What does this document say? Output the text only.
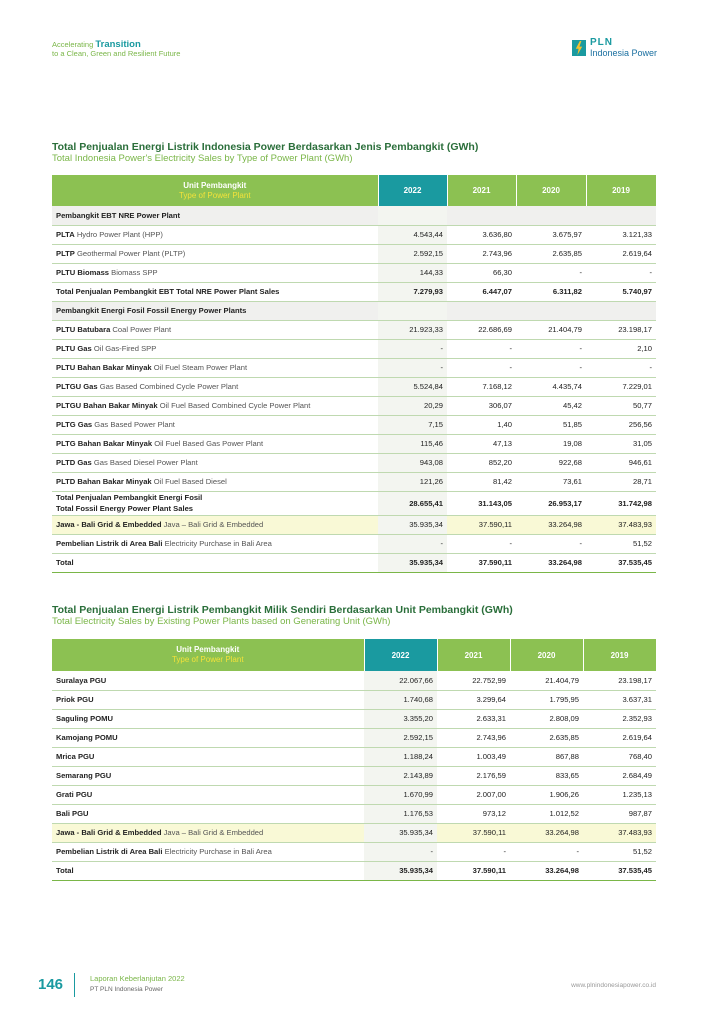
Accelerating Transition
to a Clean, Green and Resilient Future
PLN
Indonesia Power
Total Penjualan Energi Listrik Indonesia Power Berdasarkan Jenis Pembangkit (GWh)
Total Indonesia Power's Electricity Sales by Type of Power Plant (GWh)
Unit Pembangkit
Type of Power Plant	2022	2021	2020	2019
Pembangkit EBT NRE Power Plant				
PLTA Hydro Power Plant (HPP)	4.543,44	3.636,80	3.675,97	3.121,33
PLTP Geothermal Power Plant (PLTP)	2.592,15	2.743,96	2.635,85	2.619,64
PLTU Biomass Biomass SPP	144,33	66,30	-	-
Total Penjualan Pembangkit EBT Total NRE Power Plant Sales	7.279,93	6.447,07	6.311,82	5.740,97
Pembangkit Energi Fosil Fossil Energy Power Plants				
PLTU Batubara Coal Power Plant	21.923,33	22.686,69	21.404,79	23.198,17
PLTU Gas Oil Gas-Fired SPP	-	-	-	2,10
PLTU Bahan Bakar Minyak Oil Fuel Steam Power Plant	-	-	-	-
PLTGU Gas Gas Based Combined Cycle Power Plant	5.524,84	7.168,12	4.435,74	7.229,01
PLTGU Bahan Bakar Minyak Oil Fuel Based Combined Cycle Power Plant	20,29	306,07	45,42	50,77
PLTG Gas Gas Based Power Plant	7,15	1,40	51,85	256,56
PLTG Bahan Bakar Minyak Oil Fuel Based Gas Power Plant	115,46	47,13	19,08	31,05
PLTD Gas Gas Based Diesel Power Plant	943,08	852,20	922,68	946,61
PLTD Bahan Bakar Minyak Oil Fuel Based Diesel	121,26	81,42	73,61	28,71
Total Penjualan Pembangkit Energi Fosil
Total Fossil Energy Power Plant Sales	28.655,41	31.143,05	26.953,17	31.742,98
Jawa - Bali Grid & Embedded Java – Bali Grid & Embedded	35.935,34	37.590,11	33.264,98	37.483,93
Pembelian Listrik di Area Bali Electricity Purchase in Bali Area	-	-	-	51,52
Total	35.935,34	37.590,11	33.264,98	37.535,45
Total Penjualan Energi Listrik Pembangkit Milik Sendiri Berdasarkan Unit Pembangkit (GWh)
Total Electricity Sales by Existing Power Plants based on Generating Unit (GWh)
Unit Pembangkit
Type of Power Plant	2022	2021	2020	2019
Suralaya PGU	22.067,66	22.752,99	21.404,79	23.198,17
Priok PGU	1.740,68	3.299,64	1.795,95	3.637,31
Saguling POMU	3.355,20	2.633,31	2.808,09	2.352,93
Kamojang POMU	2.592,15	2.743,96	2.635,85	2.619,64
Mrica PGU	1.188,24	1.003,49	867,88	768,40
Semarang PGU	2.143,89	2.176,59	833,65	2.684,49
Grati PGU	1.670,99	2.007,00	1.906,26	1.235,13
Bali PGU	1.176,53	973,12	1.012,52	987,87
Jawa - Bali Grid & Embedded Java – Bali Grid & Embedded	35.935,34	37.590,11	33.264,98	37.483,93
Pembelian Listrik di Area Bali Electricity Purchase in Bali Area	-	-	-	51,52
Total	35.935,34	37.590,11	33.264,98	37.535,45
146	Laporan Keberlanjutan 2022
PT PLN Indonesia Power
www.plnindonesiapower.co.id
